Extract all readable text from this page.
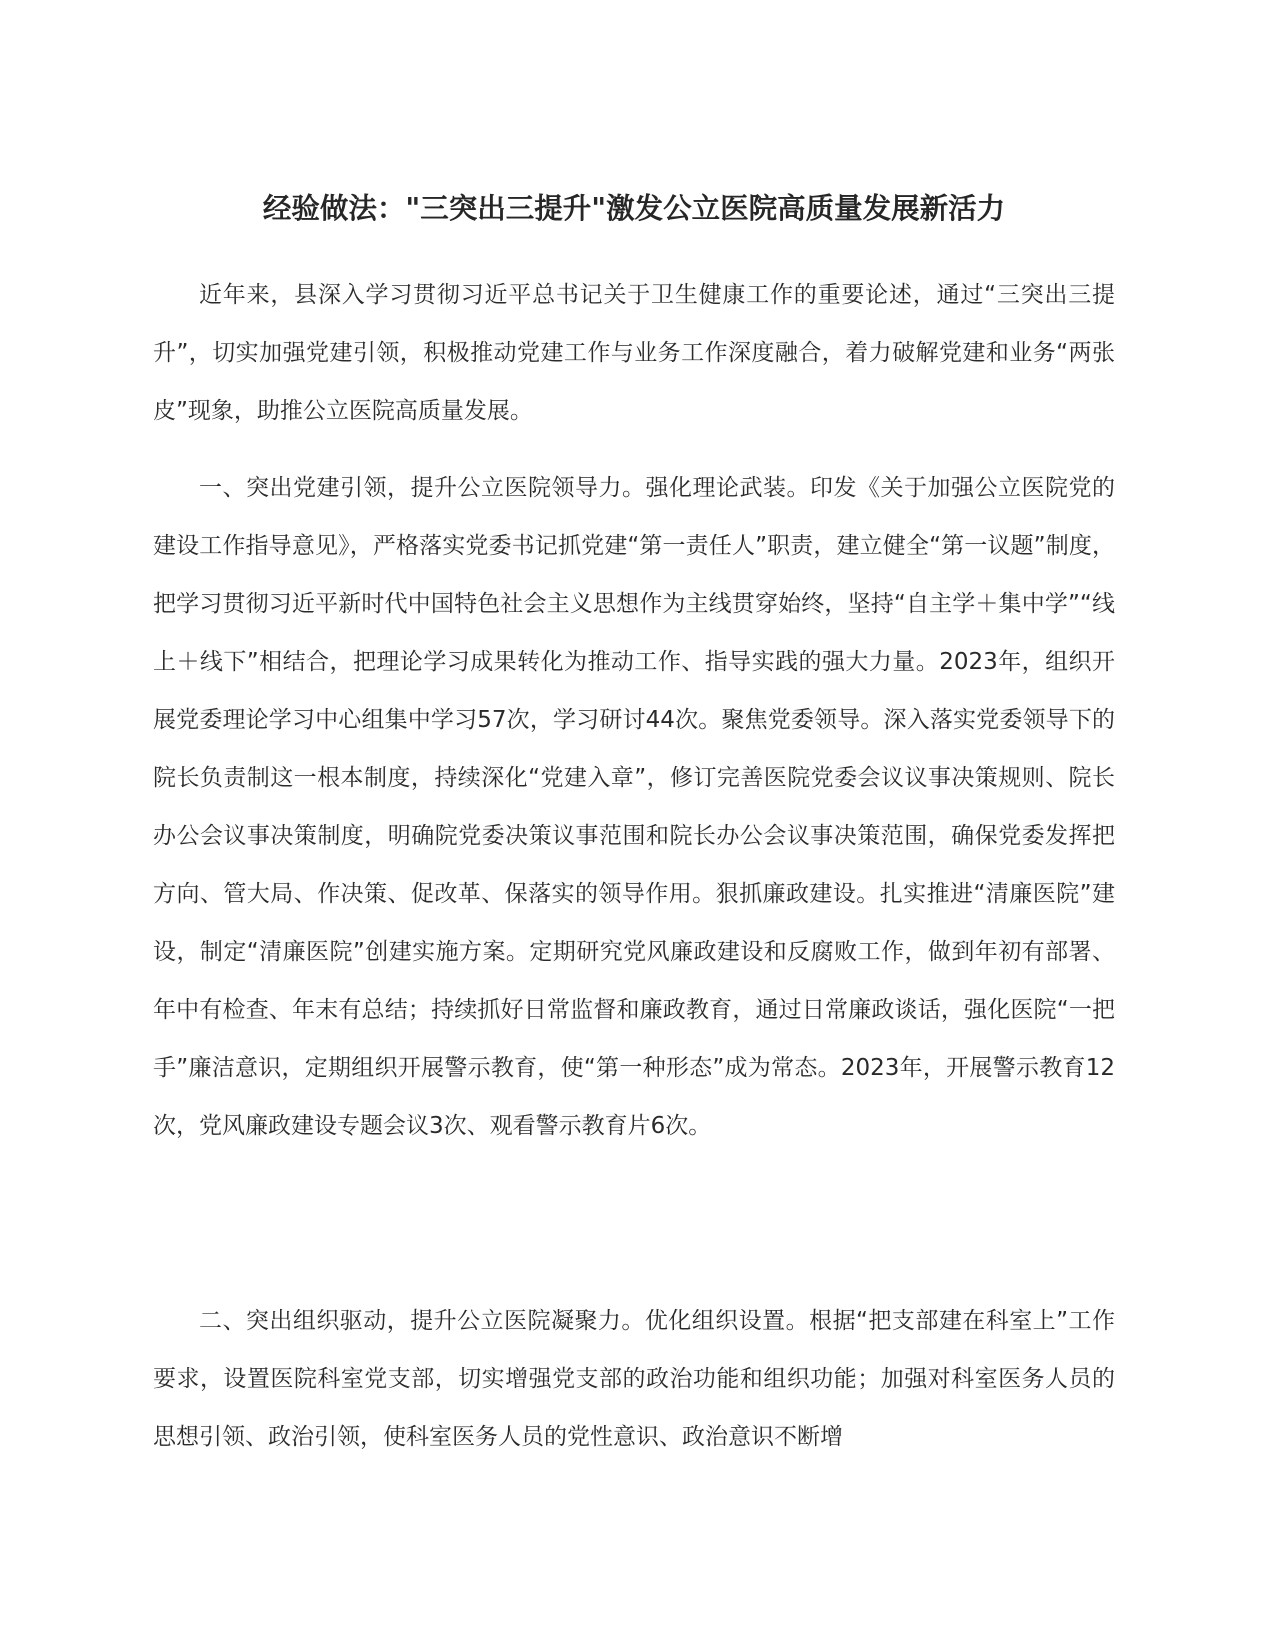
经验做法："三突出三提升"激发公立医院高质量发展新活力

近年来，县深入学习贯彻习近平总书记关于卫生健康工作的重要论述，通过“三突出三提升”，切实加强党建引领，积极推动党建工作与业务工作深度融合，着力破解党建和业务“两张皮”现象，助推公立医院高质量发展。

一、突出党建引领，提升公立医院领导力。强化理论武装。印发《关于加强公立医院党的建设工作指导意见》，严格落实党委书记抓党建“第一责任人”职责，建立健全“第一议题”制度，把学习贯彻习近平新时代中国特色社会主义思想作为主线贯穿始终，坚持“自主学＋集中学”“线上＋线下”相结合，把理论学习成果转化为推动工作、指导实践的强大力量。2023年，组织开展党委理论学习中心组集中学习57次，学习研讨44次。聚焦党委领导。深入落实党委领导下的院长负责制这一根本制度，持续深化“党建入章”，修订完善医院党委会议议事决策规则、院长办公会议事决策制度，明确院党委决策议事范围和院长办公会议事决策范围，确保党委发挥把方向、管大局、作决策、促改革、保落实的领导作用。狠抓廉政建设。扎实推进“清廉医院”建设，制定“清廉医院”创建实施方案。定期研究党风廉政建设和反腐败工作，做到年初有部署、年中有检查、年末有总结；持续抓好日常监督和廉政教育，通过日常廉政谈话，强化医院“一把手”廉洁意识，定期组织开展警示教育，使“第一种形态”成为常态。2023年，开展警示教育12次，党风廉政建设专题会议3次、观看警示教育片6次。

二、突出组织驱动，提升公立医院凝聚力。优化组织设置。根据“把支部建在科室上”工作要求，设置医院科室党支部，切实增强党支部的政治功能和组织功能；加强对科室医务人员的思想引领、政治引领，使科室医务人员的党性意识、政治意识不断增
